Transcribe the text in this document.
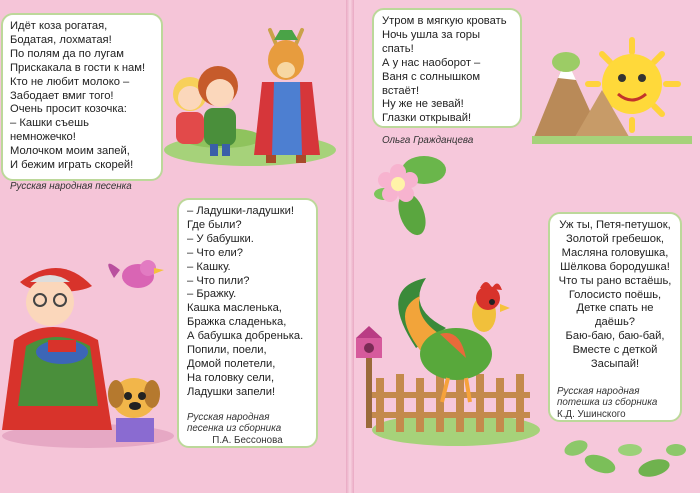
Идёт коза рогатая,
Бодатая, лохматая!
По полям да по лугам
Прискакала в гости к нам!
Кто не любит молоко –
Забодает вмиг того!
Очень просит козочка:
– Кашки съешь немножечко!
Молочком моим запей,
И бежим играть скорей!
Русская народная песенка
Утром в мягкую кровать
Ночь ушла за горы спать!
А у нас наоборот –
Ваня с солнышком встаёт!
Ну же не зевай!
Глазки открывай!
Ольга Гражданцева
– Ладушки-ладушки!
Где были?
– У бабушки.
– Что ели?
– Кашку.
– Что пили?
– Бражку.
Кашка масленька,
Бражка сладенька,
А бабушка добренька.
Попили, поели,
Домой полетели,
На головку сели,
Ладушки запели!
Русская народная
песенка из сборника
П.А. Бессонова
Уж ты, Петя-петушок,
Золотой гребешок,
Масляна головушка,
Шёлкова бородушка!
Что ты рано встаёшь,
Голосисто поёшь,
Детке спать не даёшь?
Баю-баю, баю-бай,
Вместе с деткой
Засыпай!
Русская народная
потешка из сборника
К.Д. Ушинского
